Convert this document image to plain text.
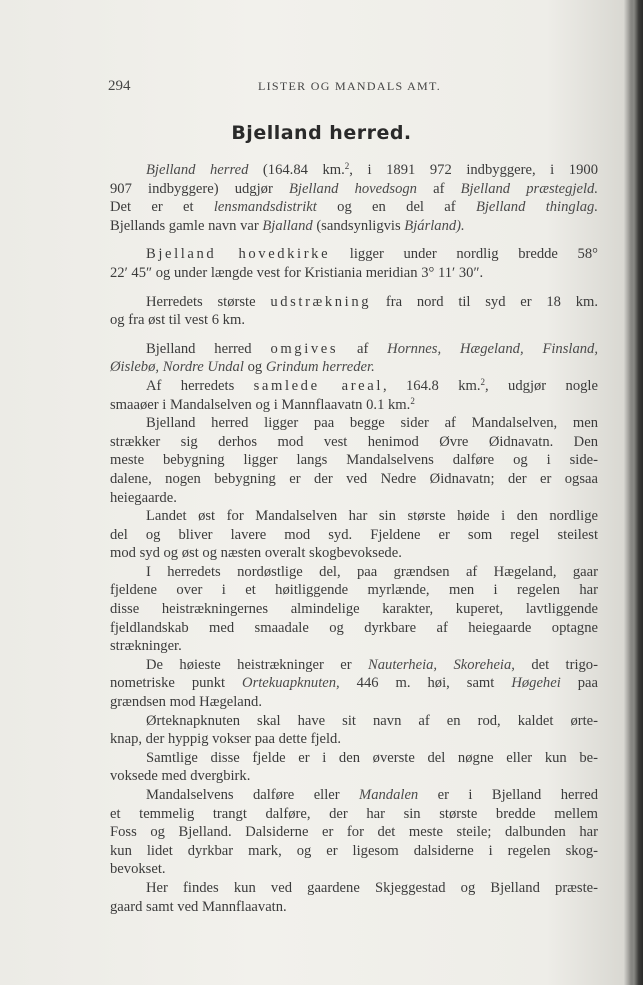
294	LISTER OG MANDALS AMT.
Bjelland herred.
Bjelland herred (164.84 km.$^2$, i 1891 972 indbyggere, i 1900
907 indbyggere) udgjør Bjelland hovedsogn af Bjelland præstegjeld.
Det er et lensmandsdistrikt og en del af Bjelland thinglag.
Bjellands gamle navn var Bjalland (sandsynligvis Bjárland).
Bjelland hovedkirke ligger under nordlig bredde 58°
22′ 45″ og under længde vest for Kristiania meridian 3° 11′ 30″.
Herredets største udstrækning fra nord til syd er 18 km.
og fra øst til vest 6 km.
Bjelland herred omgives af Hornnes, Hægeland, Finsland,
Øislebø, Nordre Undal og Grindum herreder.
Af herredets samlede areal, 164.8 km.$^2$, udgjør nogle
smaaøer i Mandalselven og i Mannflaavatn 0.1 km.$^2$
Bjelland herred ligger paa begge sider af Mandalselven, men
strækker sig derhos mod vest henimod Øvre Øidnavatn. Den
meste bebygning ligger langs Mandalselvens dalføre og i side-
dalene, nogen bebygning er der ved Nedre Øidnavatn; der er ogsaa
heiegaarde.
Landet øst for Mandalselven har sin største høide i den nordlige
del og bliver lavere mod syd. Fjeldene er som regel steilest
mod syd og øst og næsten overalt skogbevoksede.
I herredets nordøstlige del, paa grændsen af Hægeland, gaar
fjeldene over i et høitliggende myrlænde, men i regelen har
disse heistrækningernes almindelige karakter, kuperet, lavtliggende
fjeldlandskab med smaadale og dyrkbare af heiegaarde optagne
strækninger.
De høieste heistrækninger er Nauterheia, Skoreheia, det trigo-
nometriske punkt Ortekuapknuten, 446 m. høi, samt Høgehei paa
grændsen mod Hægeland.
Ørteknapknuten skal have sit navn af en rod, kaldet ørte-
knap, der hyppig vokser paa dette fjeld.
Samtlige disse fjelde er i den øverste del nøgne eller kun be-
voksede med dvergbirk.
Mandalselvens dalføre eller Mandalen er i Bjelland herred
et temmelig trangt dalføre, der har sin største bredde mellem
Foss og Bjelland. Dalsiderne er for det meste steile; dalbunden har
kun lidet dyrkbar mark, og er ligesom dalsiderne i regelen skog-
bevokset.
Her findes kun ved gaardene Skjeggestad og Bjelland præste-
gaard samt ved Mannflaavatn.
